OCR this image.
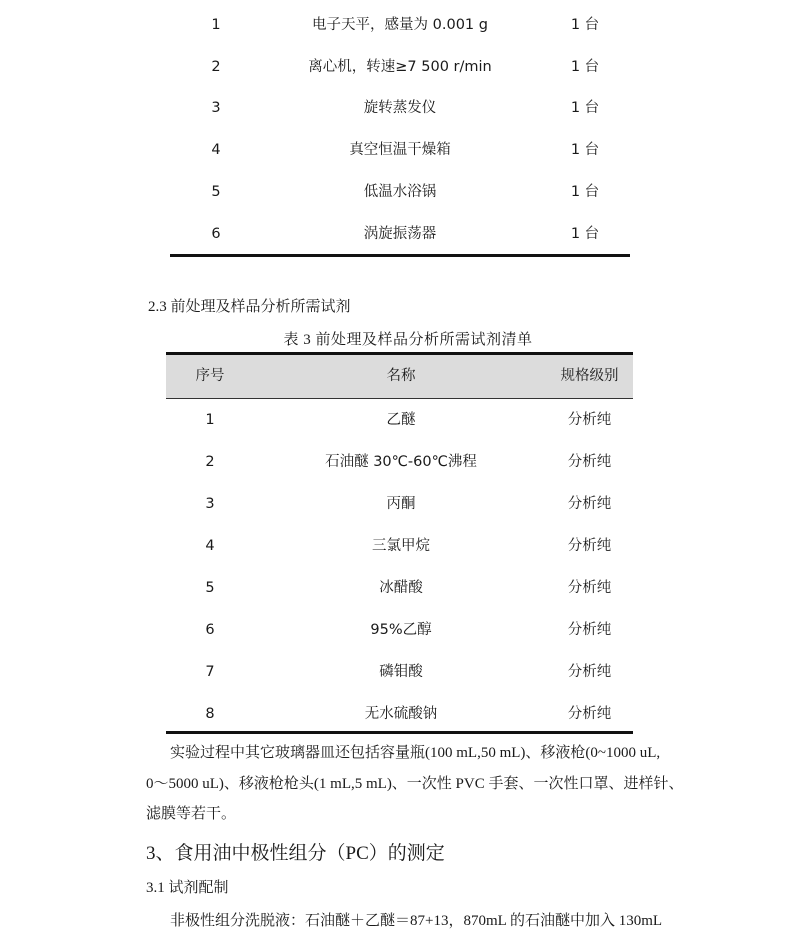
1	电子天平，感量为 0.001 g	1 台
2	离心机，转速≥7 500 r/min	1 台
3	旋转蒸发仪	1 台
4	真空恒温干燥箱	1 台
5	低温水浴锅	1 台
6	涡旋振荡器	1 台
2.3 前处理及样品分析所需试剂
表 3 前处理及样品分析所需试剂清单
序号	名称	规格级别
1	乙醚	分析纯
2	石油醚 30℃-60℃沸程	分析纯
3	丙酮	分析纯
4	三氯甲烷	分析纯
5	冰醋酸	分析纯
6	95%乙醇	分析纯
7	磷钼酸	分析纯
8	无水硫酸钠	分析纯
实验过程中其它玻璃器皿还包括容量瓶(100 mL,50 mL)、移液枪(0~1000 uL,
0～5000 uL)、移液枪枪头(1 mL,5 mL)、一次性 PVC 手套、一次性口罩、进样针、
滤膜等若干。
3、食用油中极性组分（PC）的测定
3.1 试剂配制
非极性组分洗脱液：石油醚＋乙醚＝87+13，870mL 的石油醚中加入 130mL
